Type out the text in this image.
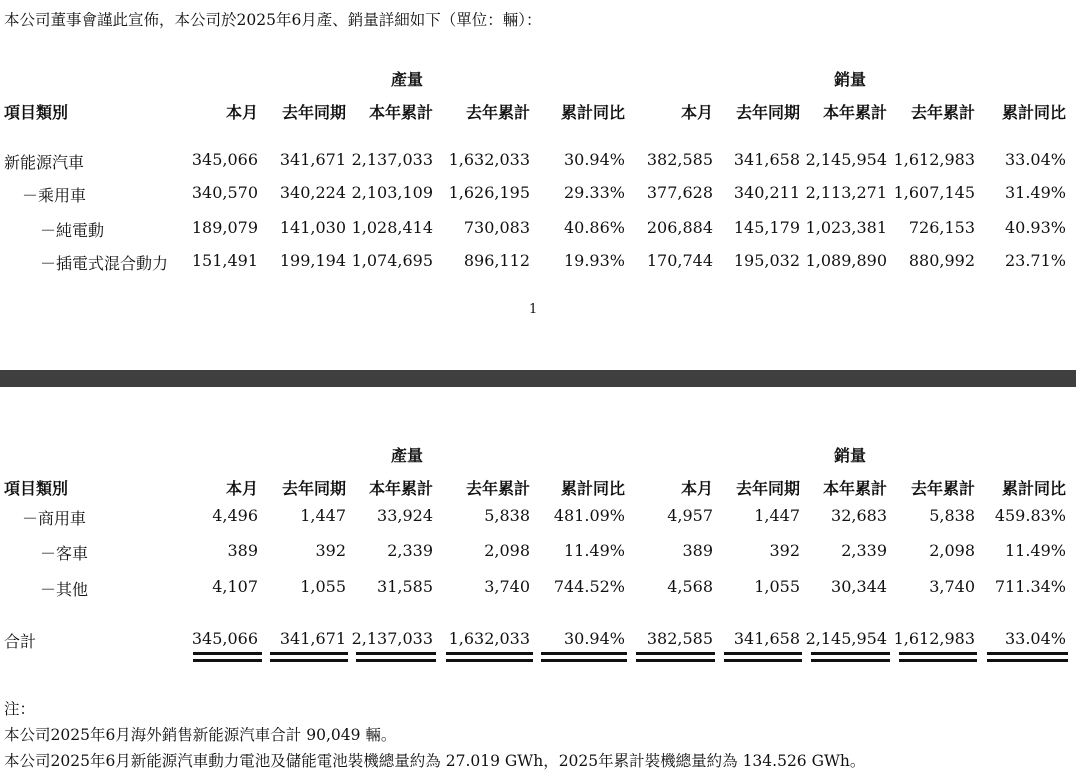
本公司董事會謹此宣佈，本公司於2025年6月產、銷量詳細如下（單位：輛）：
產量	銷量
項目類別	本月	去年同期	本年累計	去年累計	累計同比	本月	去年同期	本年累計	去年累計	累計同比
新能源汽車	345,066	341,671 2,137,033 1,632,033	30.94%	382,585	341,658 2,145,954 1,612,983	33.04%
－乘用車	340,570	340,224 2,103,109 1,626,195	29.33%	377,628	340,211 2,113,271 1,607,145	31.49%
－純電動	189,079	141,030 1,028,414	730,083	40.86%	206,884	145,179 1,023,381	726,153	40.93%
－插電式混合動力	151,491	199,194 1,074,695	896,112	19.93%	170,744	195,032 1,089,890	880,992	23.71%
1
產量	銷量
項目類別	本月	去年同期	本年累計	去年累計	累計同比	本月	去年同期	本年累計	去年累計	累計同比
－商用車	4,496	1,447	33,924	5,838	481.09%	4,957	1,447	32,683	5,838	459.83%
－客車	389	392	2,339	2,098	11.49%	389	392	2,339	2,098	11.49%
－其他	4,107	1,055	31,585	3,740	744.52%	4,568	1,055	30,344	3,740	711.34%
合計	345,066	341,671 2,137,033 1,632,033	30.94%	382,585	341,658 2,145,954 1,612,983	33.04%
注：
本公司2025年6月海外銷售新能源汽車合計 90,049 輛。
本公司2025年6月新能源汽車動力電池及儲能電池裝機總量約為 27.019 GWh，2025年累計裝機總量約為 134.526 GWh。
